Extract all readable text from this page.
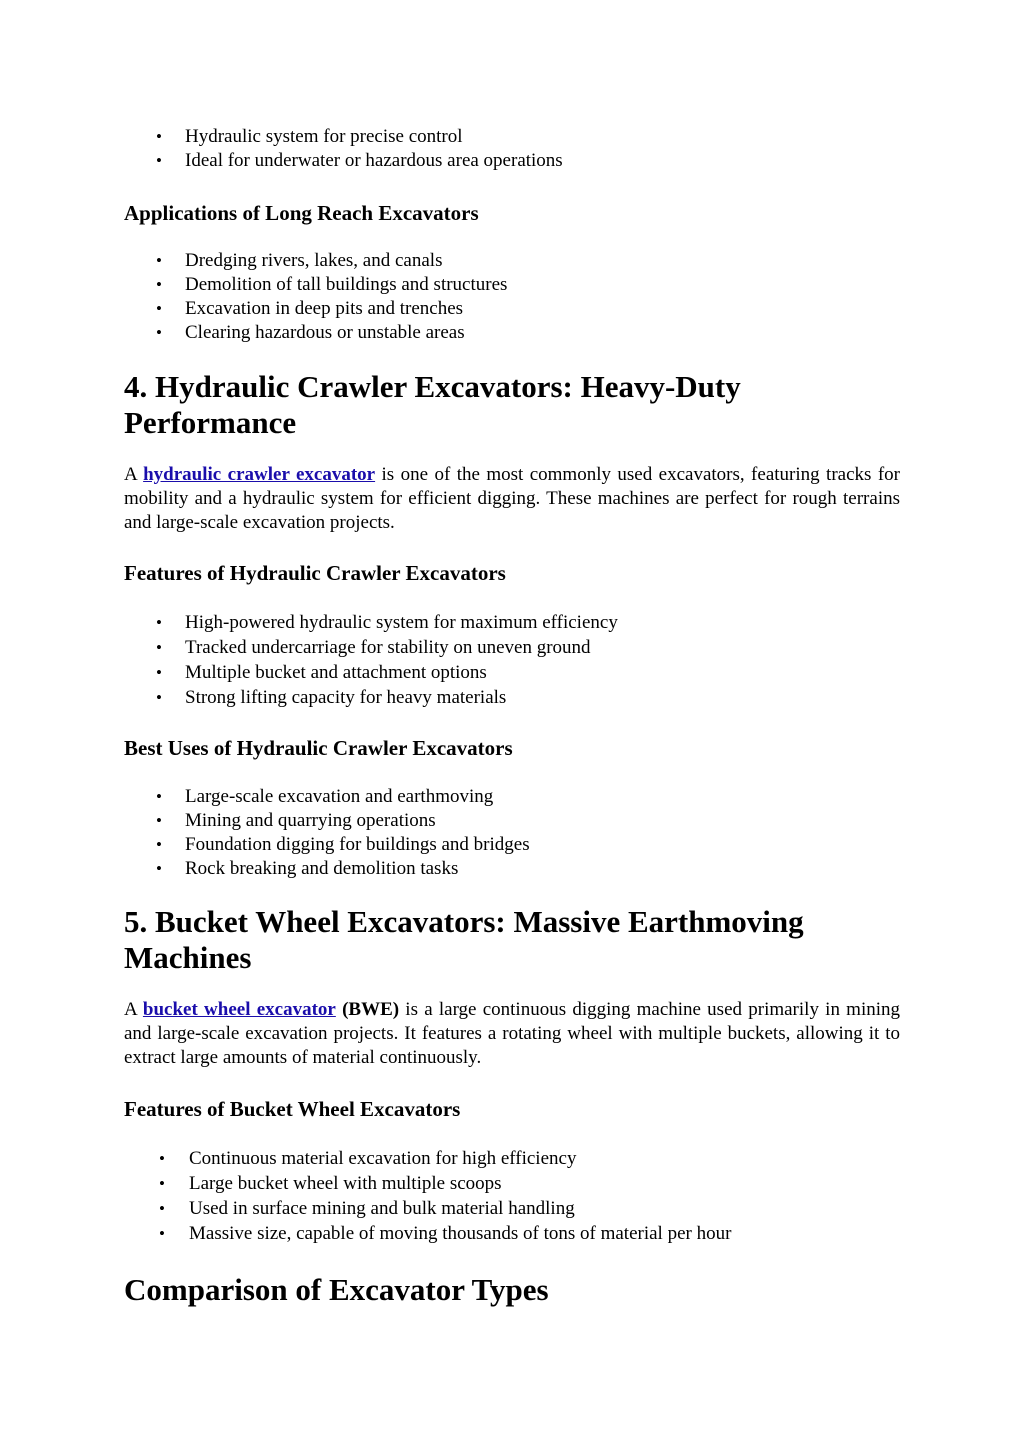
• Hydraulic system for precise control
• Ideal for underwater or hazardous area operations
Applications of Long Reach Excavators
• Dredging rivers, lakes, and canals
• Demolition of tall buildings and structures
• Excavation in deep pits and trenches
• Clearing hazardous or unstable areas
4. Hydraulic Crawler Excavators: Heavy-Duty Performance

A hydraulic crawler excavator is one of the most commonly used excavators, featuring tracks for mobility and a hydraulic system for efficient digging. These machines are perfect for rough terrains and large-scale excavation projects.

Features of Hydraulic Crawler Excavators
• High-powered hydraulic system for maximum efficiency
• Tracked undercarriage for stability on uneven ground
• Multiple bucket and attachment options
• Strong lifting capacity for heavy materials
Best Uses of Hydraulic Crawler Excavators
• Large-scale excavation and earthmoving
• Mining and quarrying operations
• Foundation digging for buildings and bridges
• Rock breaking and demolition tasks
5. Bucket Wheel Excavators: Massive Earthmoving Machines

A bucket wheel excavator (BWE) is a large continuous digging machine used primarily in mining and large-scale excavation projects. It features a rotating wheel with multiple buckets, allowing it to extract large amounts of material continuously.

Features of Bucket Wheel Excavators
• Continuous material excavation for high efficiency
• Large bucket wheel with multiple scoops
• Used in surface mining and bulk material handling
• Massive size, capable of moving thousands of tons of material per hour
Comparison of Excavator Types
